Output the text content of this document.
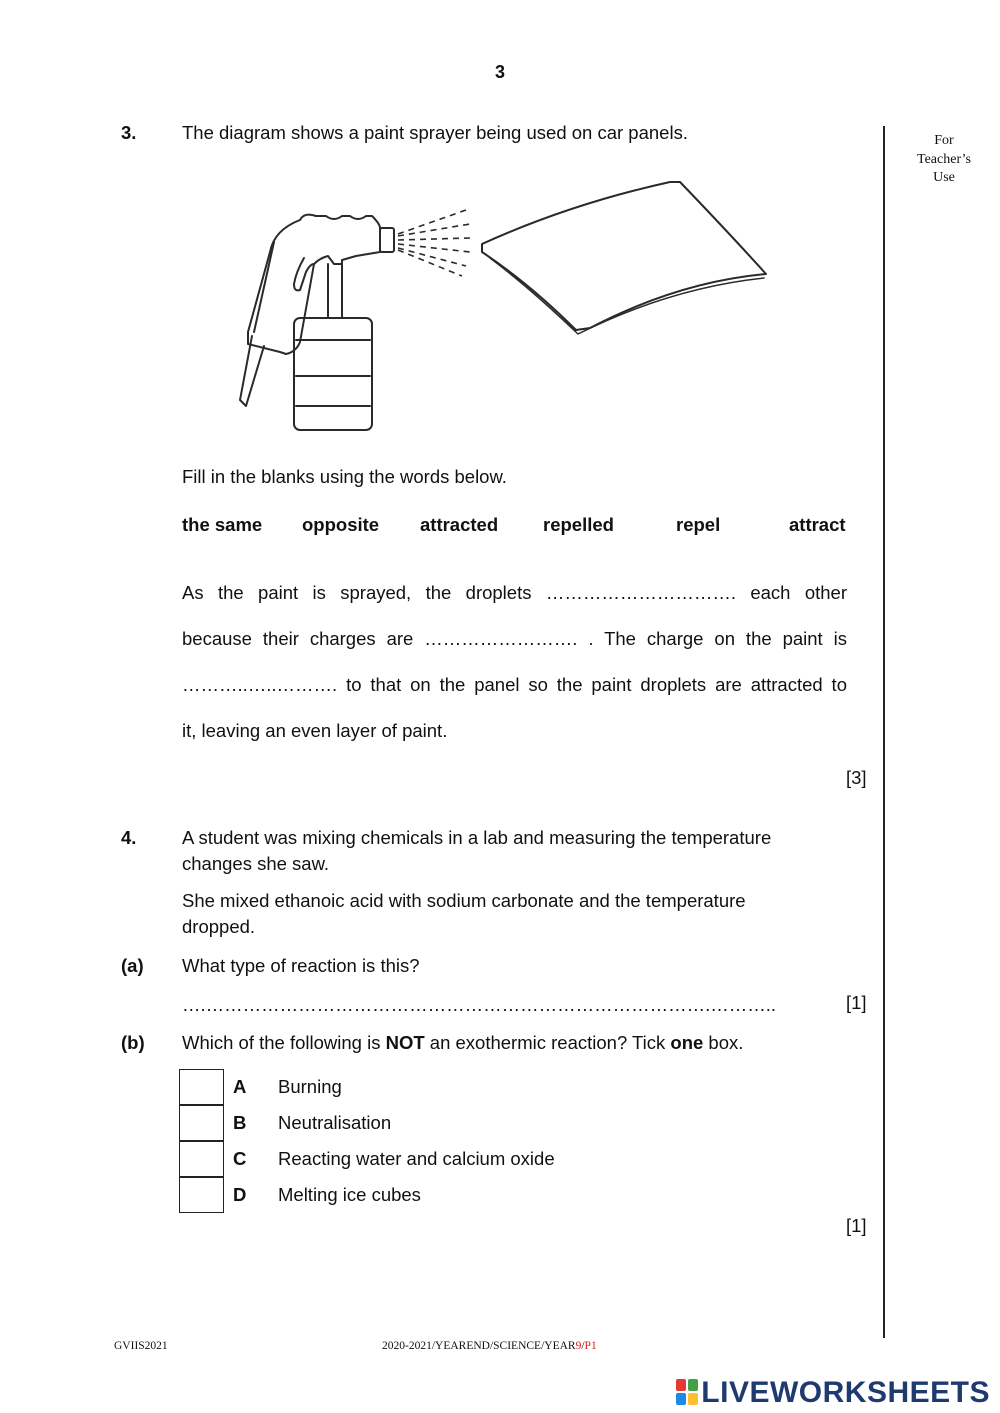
3
For
Teacher’s
Use
3. The diagram shows a paint sprayer being used on car panels.
Fill in the blanks using the words below.
the same opposite attracted repelled	repel	attract
As the paint is sprayed, the droplets …………………………. each other
because their charges are ……………………. . The charge on the paint is
………..…..………. to that on the panel so the paint droplets are attracted to
it, leaving an even layer of paint.
[3]
4. A student was mixing chemicals in a lab and measuring the temperature
changes she saw.
She mixed ethanoic acid with sodium carbonate and the temperature
dropped.
(a) What type of reaction is this?
….……………………………………………………………………….………..	[1]
(b) Which of the following is NOT an exothermic reaction? Tick one box.
A Burning
B Neutralisation
C Reacting water and calcium oxide
D Melting ice cubes
[1]
GVIIS2021	2020-2021/YEAREND/SCIENCE/YEAR9/P1
LIVEWORKSHEETS
